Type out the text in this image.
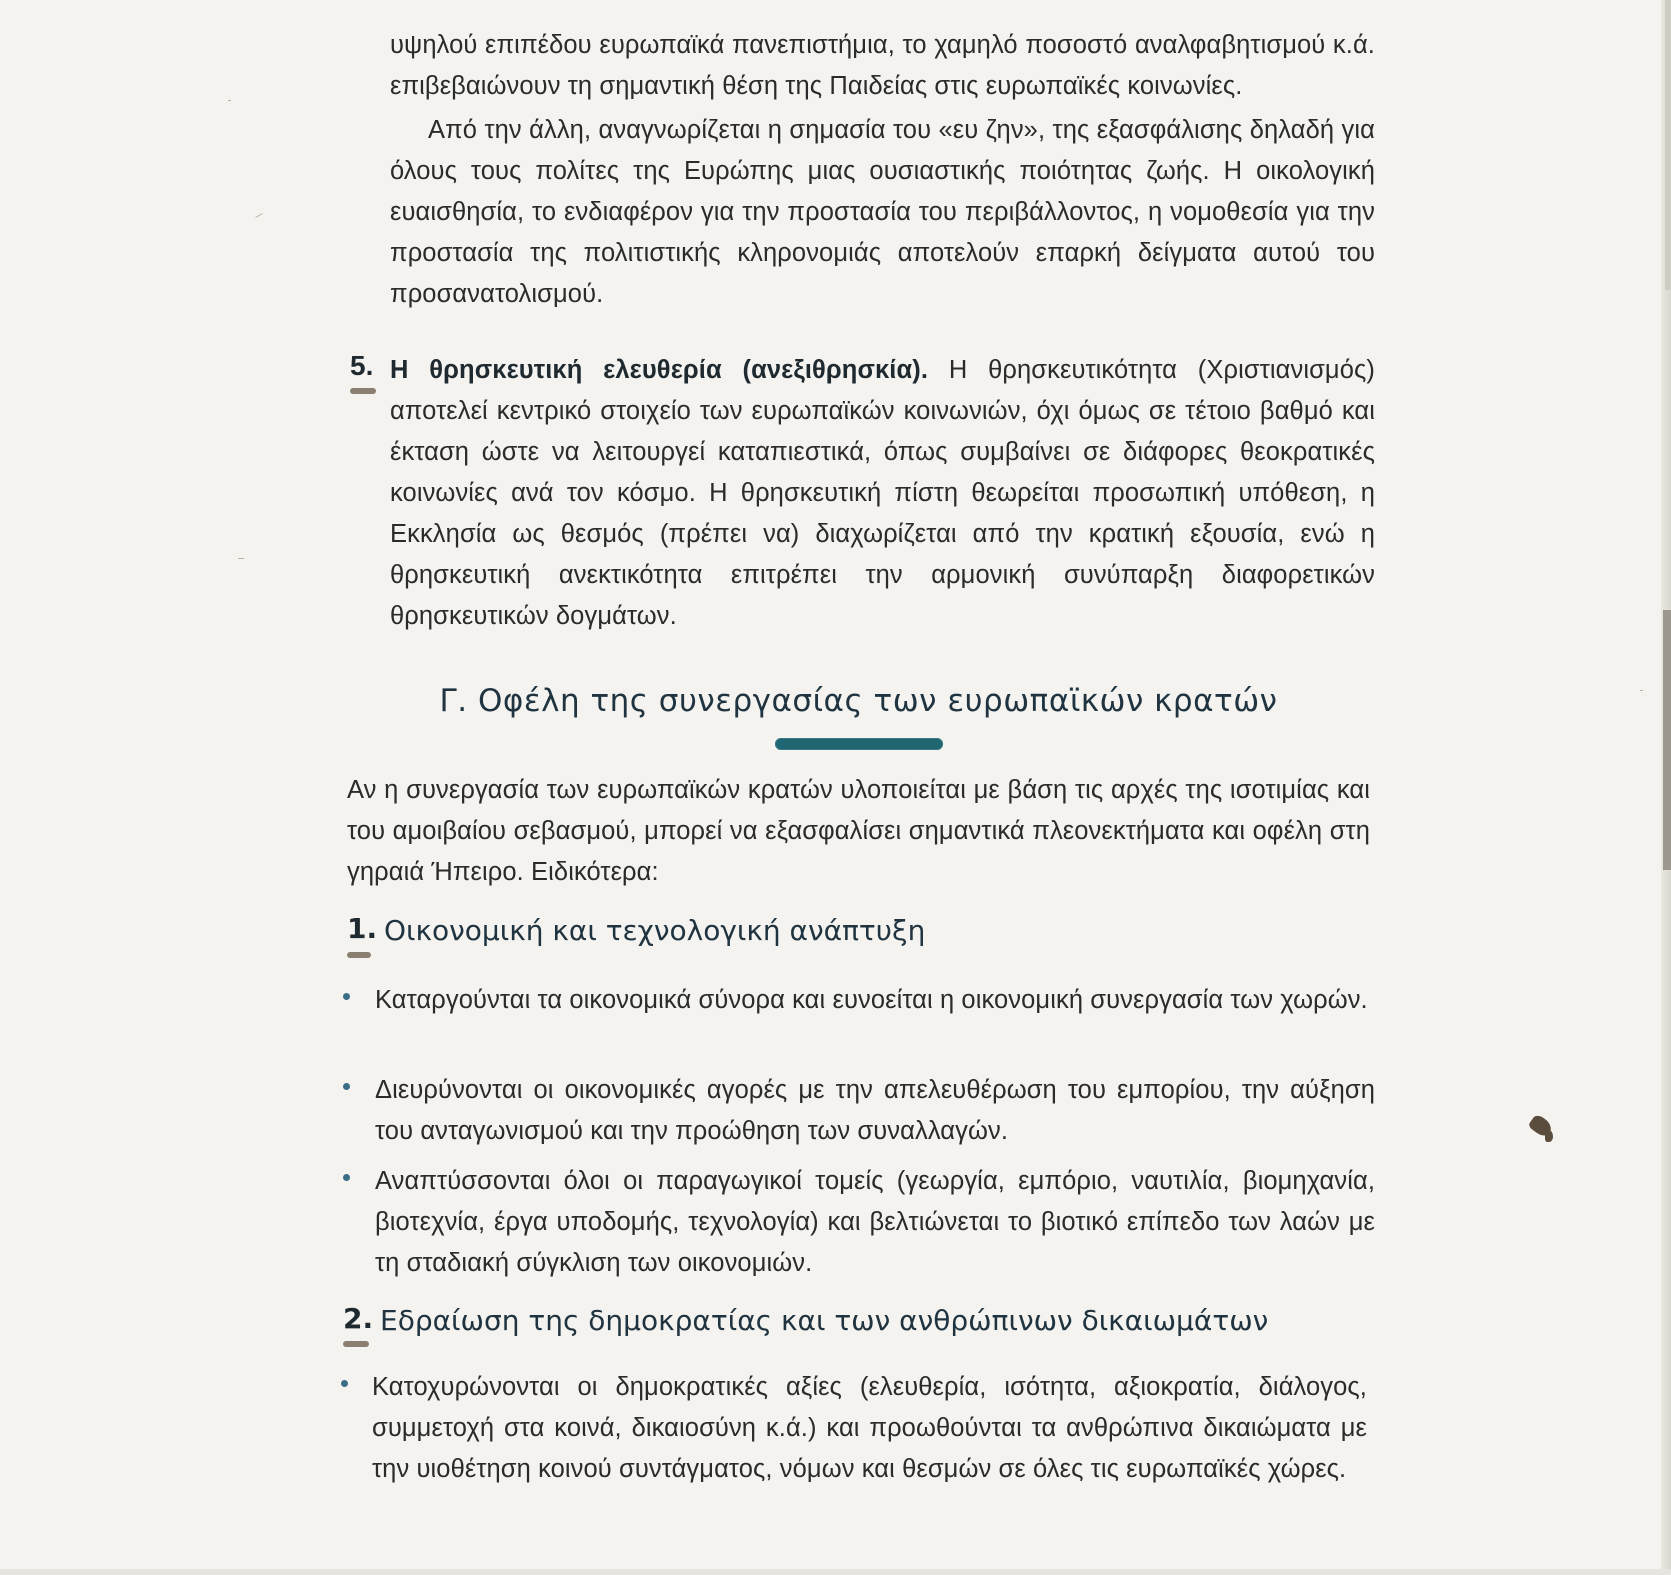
υψηλού επιπέδου ευρωπαϊκά πανεπιστήμια, το χαμηλό ποσοστό αναλφαβητισμού κ.ά. επιβεβαιώνουν τη σημαντική θέση της Παιδείας στις ευρωπαϊκές κοινωνίες.
Από την άλλη, αναγνωρίζεται η σημασία του «ευ ζην», της εξασφάλισης δηλαδή για όλους τους πολίτες της Ευρώπης μιας ουσιαστικής ποιότητας ζωής. Η οικολογική ευαισθησία, το ενδιαφέρον για την προστασία του περιβάλλοντος, η νομοθεσία για την προστασία της πολιτιστικής κληρονομιάς αποτελούν επαρκή δείγματα αυτού του προσανατολισμού.
5. Η θρησκευτική ελευθερία (ανεξιθρησκία). Η θρησκευτικότητα (Χριστιανισμός) αποτελεί κεντρικό στοιχείο των ευρωπαϊκών κοινωνιών, όχι όμως σε τέτοιο βαθμό και έκταση ώστε να λειτουργεί καταπιεστικά, όπως συμβαίνει σε διάφορες θεοκρατικές κοινωνίες ανά τον κόσμο. Η θρησκευτική πίστη θεωρείται προσωπική υπόθεση, η Εκκλησία ως θεσμός (πρέπει να) διαχωρίζεται από την κρατική εξουσία, ενώ η θρησκευτική ανεκτικότητα επιτρέπει την αρμονική συνύπαρξη διαφορετικών θρησκευτικών δογμάτων.
Γ. Οφέλη της συνεργασίας των ευρωπαϊκών κρατών
Αν η συνεργασία των ευρωπαϊκών κρατών υλοποιείται με βάση τις αρχές της ισοτιμίας και του αμοιβαίου σεβασμού, μπορεί να εξασφαλίσει σημαντικά πλεονεκτήματα και οφέλη στη γηραιά Ήπειρο. Ειδικότερα:
1. Οικονομική και τεχνολογική ανάπτυξη
Καταργούνται τα οικονομικά σύνορα και ευνοείται η οικονομική συνεργασία των χωρών.
Διευρύνονται οι οικονομικές αγορές με την απελευθέρωση του εμπορίου, την αύξηση του ανταγωνισμού και την προώθηση των συναλλαγών.
Αναπτύσσονται όλοι οι παραγωγικοί τομείς (γεωργία, εμπόριο, ναυτιλία, βιομηχανία, βιοτεχνία, έργα υποδομής, τεχνολογία) και βελτιώνεται το βιοτικό επίπεδο των λαών με τη σταδιακή σύγκλιση των οικονομιών.
2. Εδραίωση της δημοκρατίας και των ανθρώπινων δικαιωμάτων
Κατοχυρώνονται οι δημοκρατικές αξίες (ελευθερία, ισότητα, αξιοκρατία, διάλογος, συμμετοχή στα κοινά, δικαιοσύνη κ.ά.) και προωθούνται τα ανθρώπινα δικαιώματα με την υιοθέτηση κοινού συντάγματος, νόμων και θεσμών σε όλες τις ευρωπαϊκές χώρες.
